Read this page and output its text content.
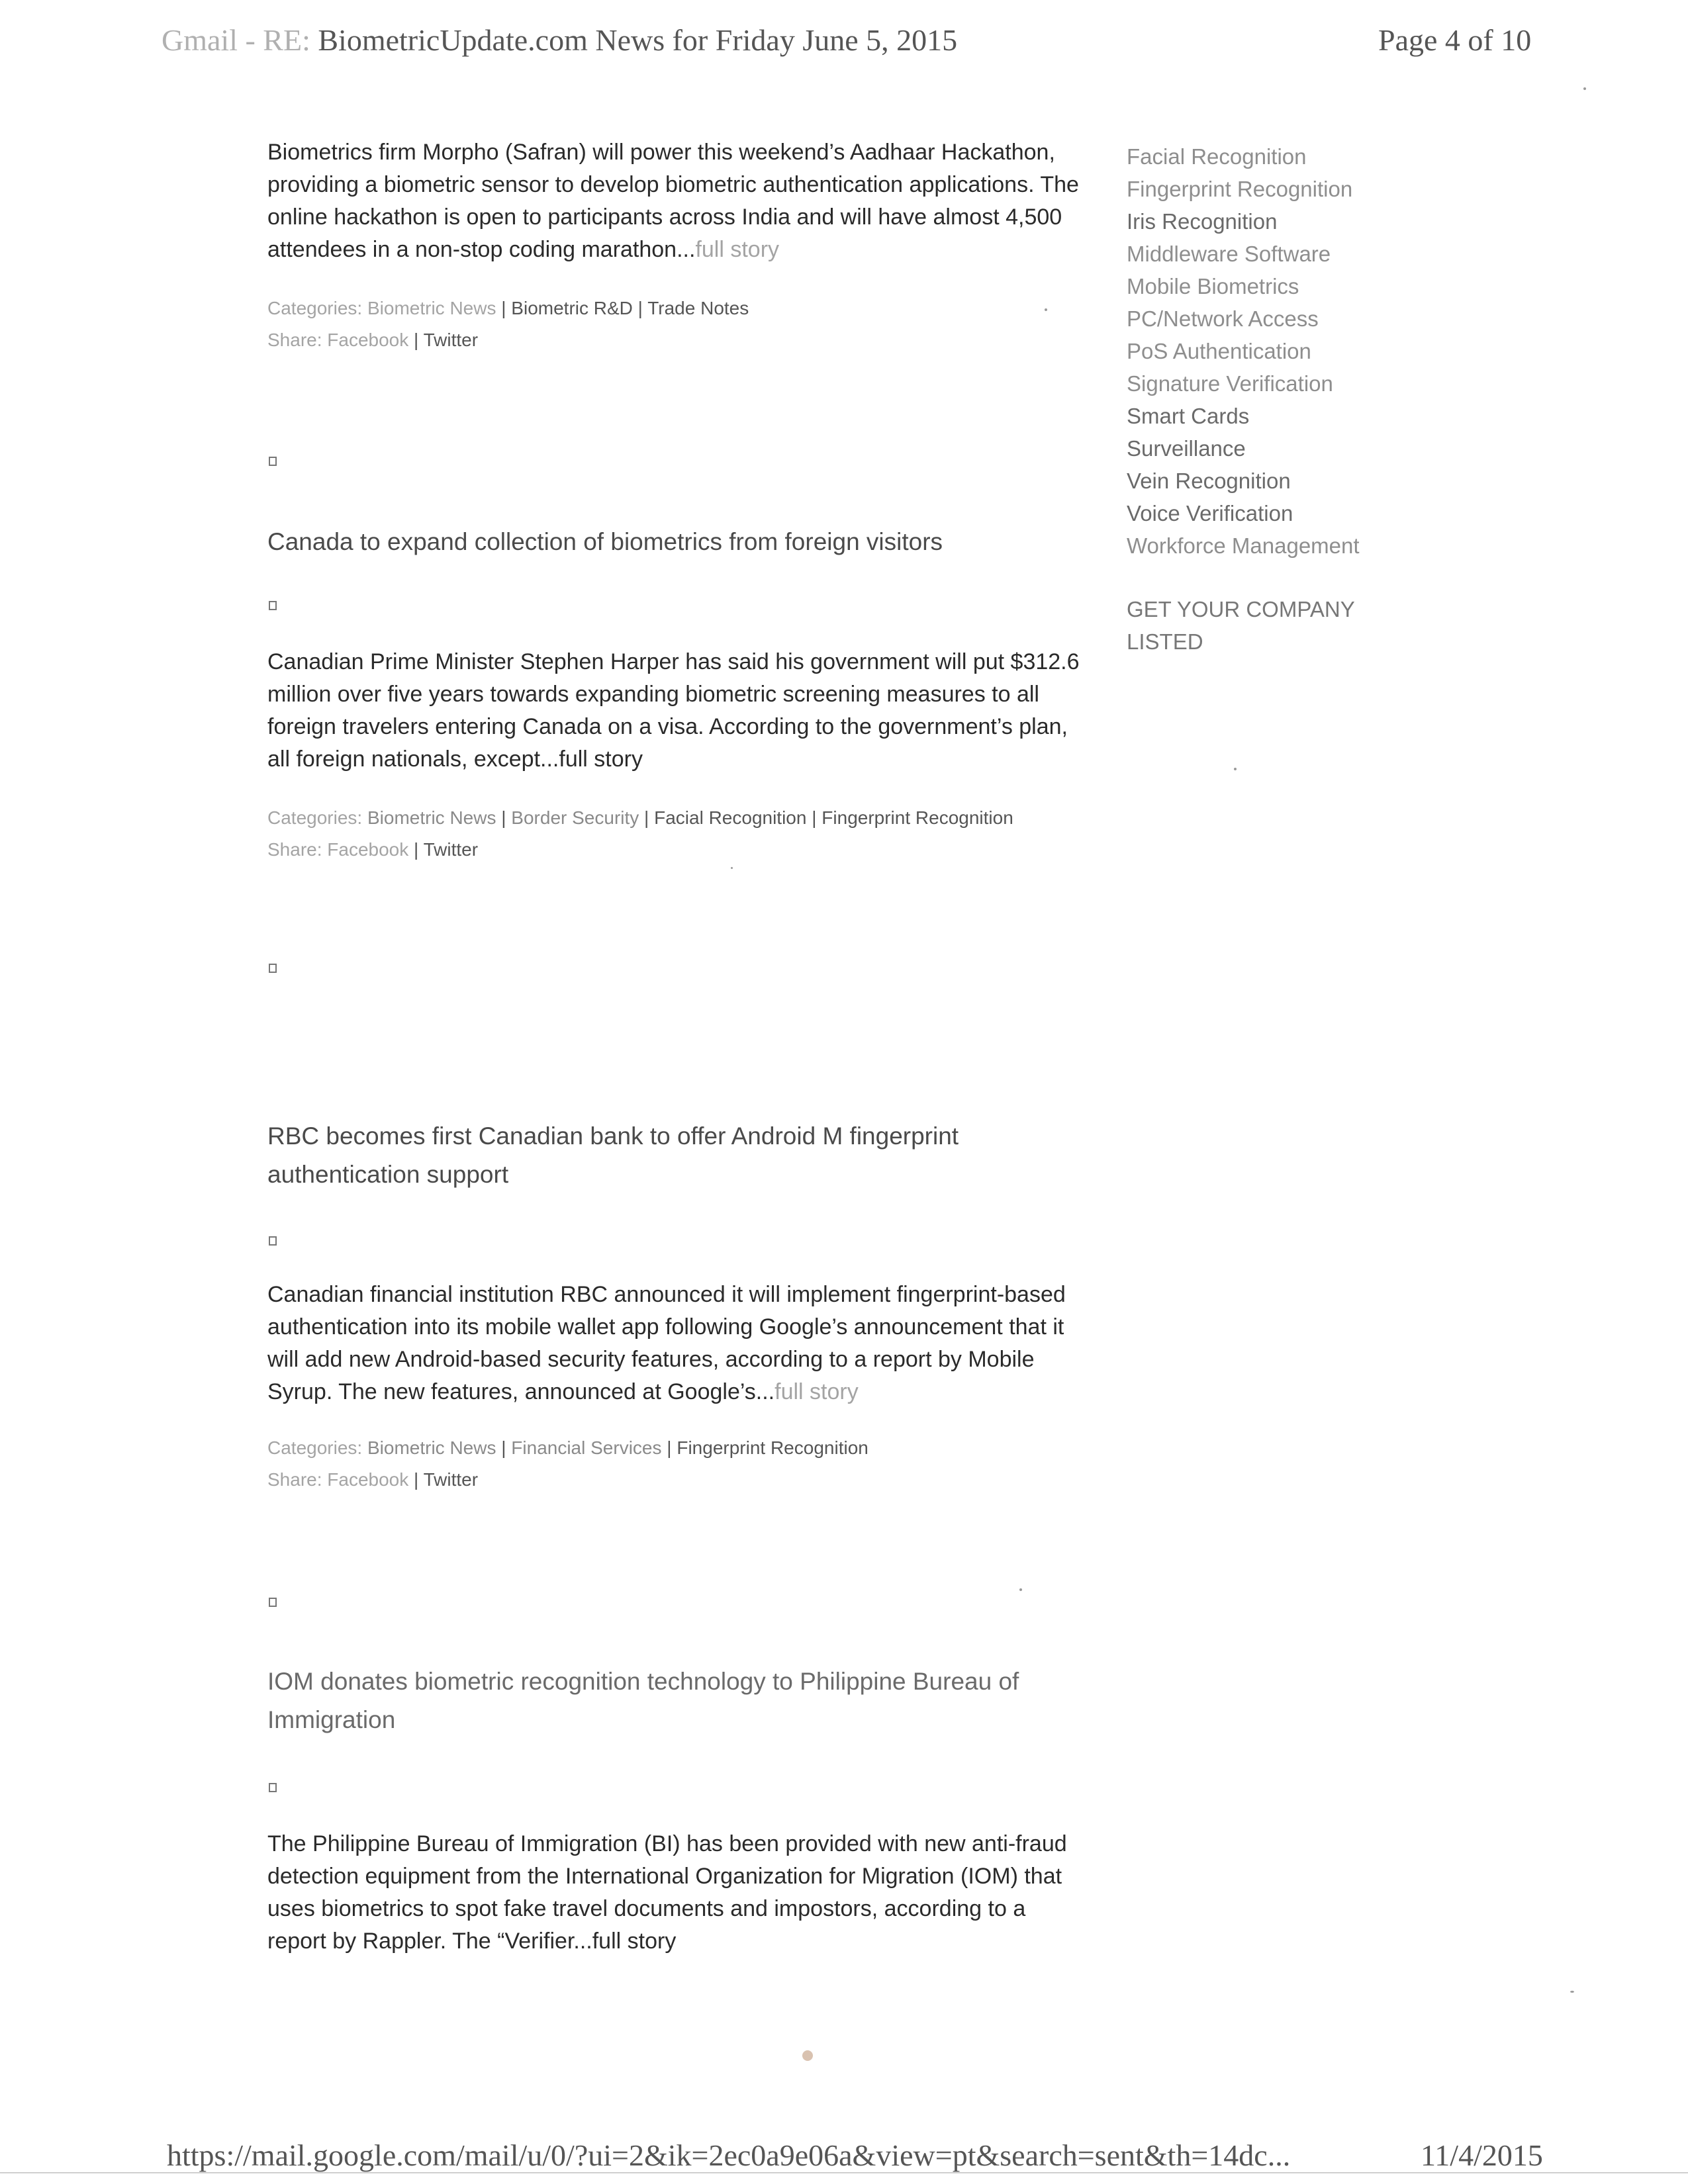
Gmail - RE: BiometricUpdate.com News for Friday June 5, 2015	Page 4 of 10

Biometrics firm Morpho (Safran) will power this weekend’s Aadhaar Hackathon, providing a biometric sensor to develop biometric authentication applications. The online hackathon is open to participants across India and will have almost 4,500 attendees in a non-stop coding marathon...full story

Categories: Biometric News | Biometric R&D | Trade Notes

Share: Facebook | Twitter

Canada to expand collection of biometrics from foreign visitors

Canadian Prime Minister Stephen Harper has said his government will put $312.6 million over five years towards expanding biometric screening measures to all foreign travelers entering Canada on a visa. According to the government’s plan, all foreign nationals, except...full story

Categories: Biometric News | Border Security | Facial Recognition | Fingerprint Recognition

Share: Facebook | Twitter

RBC becomes first Canadian bank to offer Android M fingerprint authentication support

Canadian financial institution RBC announced it will implement fingerprint-based authentication into its mobile wallet app following Google’s announcement that it will add new Android-based security features, according to a report by Mobile Syrup. The new features, announced at Google’s...full story

Categories: Biometric News | Financial Services | Fingerprint Recognition

Share: Facebook | Twitter

IOM donates biometric recognition technology to Philippine Bureau of Immigration

The Philippine Bureau of Immigration (BI) has been provided with new anti-fraud detection equipment from the International Organization for Migration (IOM) that uses biometrics to spot fake travel documents and impostors, according to a report by Rappler. The “Verifier...full story

Facial Recognition
Fingerprint Recognition
Iris Recognition
Middleware Software
Mobile Biometrics
PC/Network Access
PoS Authentication
Signature Verification
Smart Cards
Surveillance
Vein Recognition
Voice Verification
Workforce Management
GET YOUR COMPANY LISTED
https://mail.google.com/mail/u/0/?ui=2&ik=2ec0a9e06a&view=pt&search=sent&th=14dc...	11/4/2015
